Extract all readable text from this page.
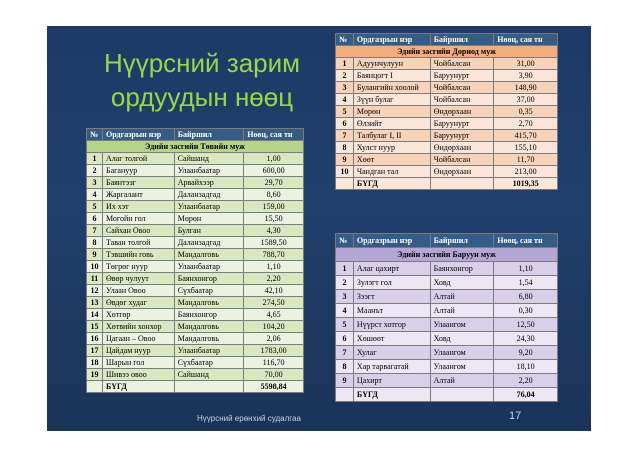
Нүүрсний зарим ордуудын нөөц
№	Ордгазрын нэр	Байршил	Нөөц, сая тн
Эдийн засгийн Төвийн муж			
1	Алаг толгой	Сайшанд	1,00
2	Багануур	Улаанбаатар	600,00
3	Баянтээг	Арвайхээр	29,70
4	Жаргалант	Даланзадгад	8,60
5	Их хэт	Улаанбаатар	159,00
6	Могойн гол	Мөрөн	15,50
7	Сайхан Овоо	Булган	4,30
8	Таван толгой	Даланзадгад	1589,50
9	Тэвшийн говь	Мандалговь	788,70
10	Төгрөг нуур	Улаанбаатар	1,10
11	Өвөр чулуут	Баянхонгор	2,20
12	Улаан Овоо	Сүхбаатар	42,10
13	Өвдөг худаг	Мандалговь	274,50
14	Хөтгөр	Баянхонгор	4,65
15	Хөтвийн хонхор	Мандалговь	104,20
16	Цагаан – Овоо	Мандалговь	2,06
17	Цайдам нуур	Улаанбаатар	1783,00
18	Шарын гол	Сүхбаатар	116,70
19	Шивээ овоо	Сайшанд	70,00
	БҮГД		5598,84
№	Ордгазрын нэр	Байршил	Нөөц, сая тн
Эдийн засгийн Дорнод муж			
1	Адуунчулуун	Чойбалсан	31,00
2	Баянцогт I	Баруунурт	3,90
3	Булангийн хоолой	Чойбалсан	148,90
4	Зүүн булаг	Чойбалсан	37,00
5	Мөрөн	Өндөрхаан	0,35
6	Өлзийт	Баруунурт	2,70
7	Талбулаг I, II	Баруунурт	415,70
8	Хулст нуур	Өндөрхаан	155,10
9	Хөөт	Чойбалсан	11,70
10	Чандган тал	Өндөрхаан	213,00
	БҮГД		1019,35
№	Ордгазрын нэр	Байршил	Нөөц, сая тн
Эдийн засгийн Баруун муж			
1	Алаг цахирт	Баянхонгор	1,10
2	Зулэгт гол	Ховд	1,54
3	Зээгт	Алтай	6,80
4	Маанът	Алтай	0,30
5	Нүүрст хотгор	Улаангом	12,50
6	Хөшөөт	Ховд	24,30
7	Хулаг	Улаангом	9,20
8	Хар тарвагатай	Улаангом	18,10
9	Цахирт	Алтай	2,20
	БҮГД		76,04
Нүүрсний ерөнхий судалгаа	17
